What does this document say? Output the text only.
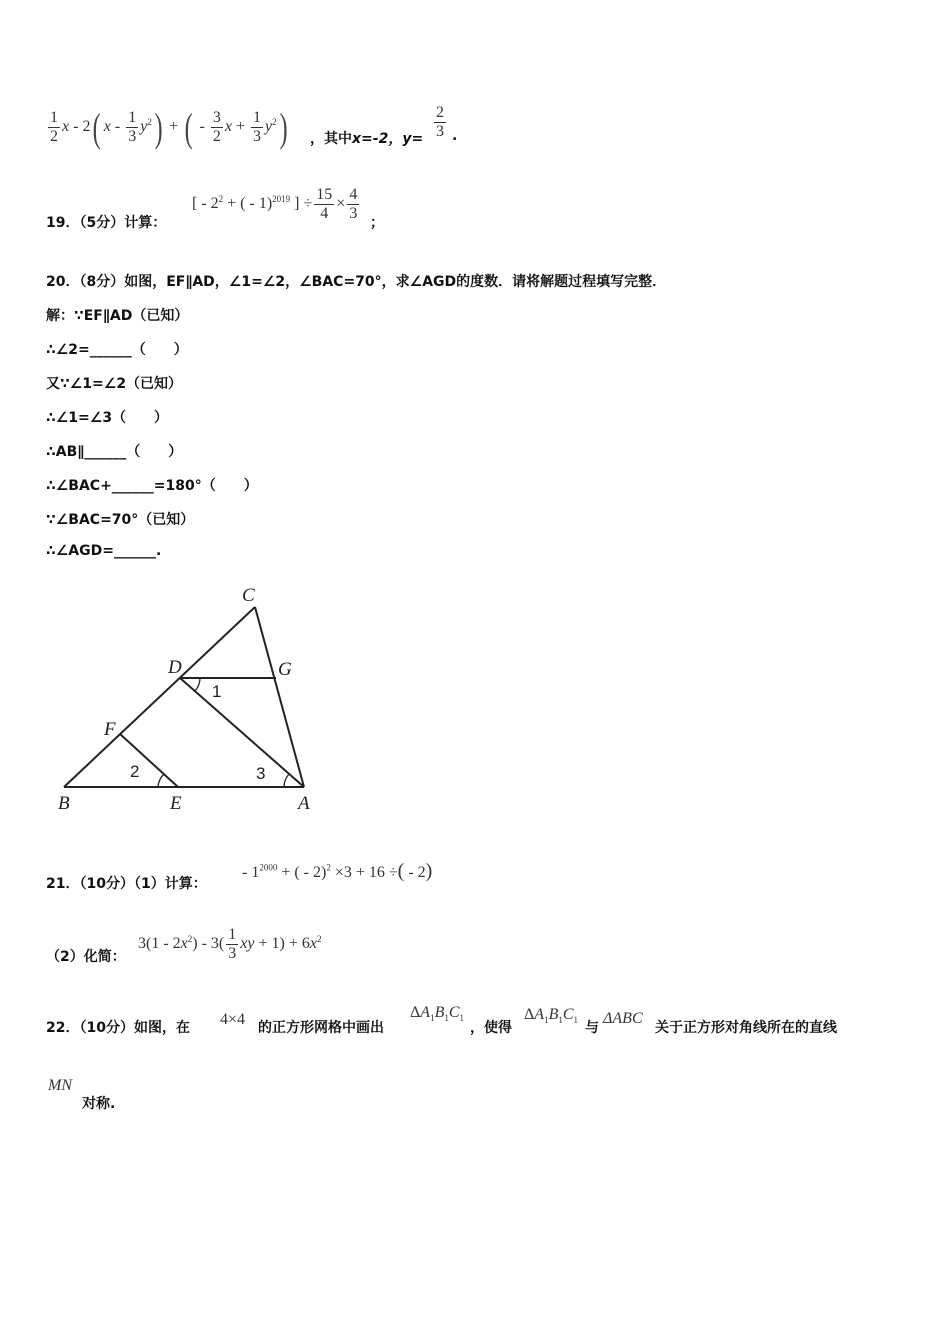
$\frac{1}{2}$ x - 2( x - $\frac{1}{3} y^2$) + ( - $\frac{3}{2}$ $x + \frac{1}{3} y^2$) ，其中x=-2，$y= \frac{2}{3}$ .
19．（5分）计算：
[ - $2^2$ + ( - 1)$^{2019}$ ] ÷ $\frac{15}{4} \times \frac{4}{3}$ ；
20．（8分）如图，EF∥AD，∠1=∠2，∠BAC=70°，求∠AGD的度数．请将解题过程填写完整．
解：∵EF∥AD（已知）
∴∠2=______（　　）
又∵∠1=∠2（已知）
∴∠1=∠3（　　）
∴AB∥______（　　）
∴∠BAC+______=180°（　　）
∵∠BAC=70°（已知）
∴∠AGD=______.
C
D	G
F
B	E	A
1
2	3
21．（10分）（1）计算：
- $1^{2000}$ + ( - 2)$^2$ ×3 + 16 ÷( - 2)
（2）化简：
$3(1 - 2x^2) - 3( \frac{1}{3}$ xy + $1) + 6x^2$
22．（10分）如图，在 4×4 的正方形网格中画出
$\Delta A_1B_1C_1$
，使得
$\Delta A_1B_1C_1$ 与
ΔABC
关于正方形对角线所在的直线
MN
对称.
